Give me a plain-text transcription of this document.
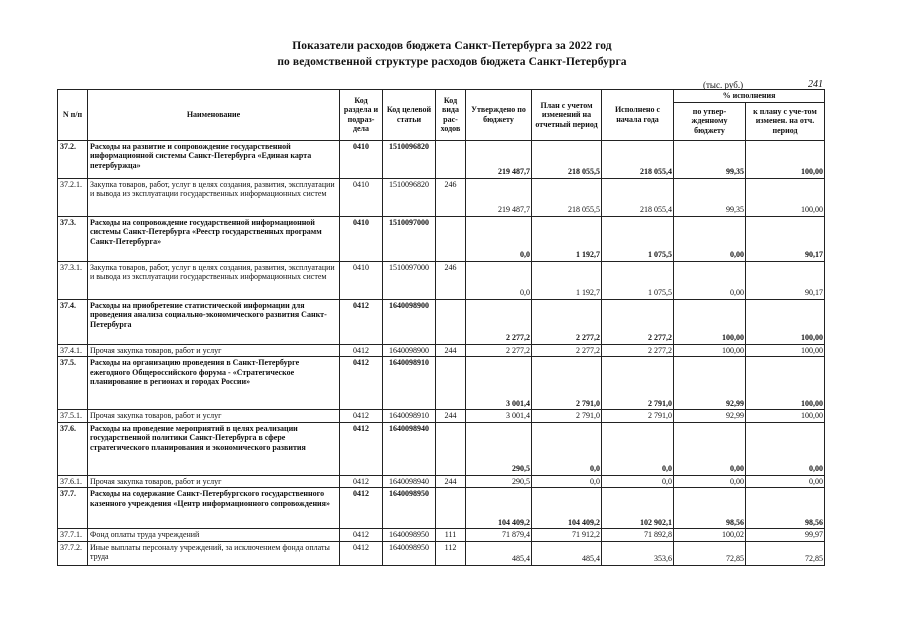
Показатели расходов бюджета Санкт-Петербурга за 2022 год
по ведомственной структуре расходов бюджета Санкт-Петербурга
(тыс. руб.)	241
N п/п	Наименование	Код раздела и подраз-дела	Код целевой статьи	Код вида рас-ходов	Утверждено по бюджету	План с учетом изменений на отчетный период	Исполнено с начала года	% исполнения	
								по утвер-жденному бюджету	к плану с уче-том изменен. на отч. период
37.2.	Расходы на развитие и сопровождение государственной информационной системы Санкт-Петербурга «Единая карта петербуржца»	0410	1510096820		219 487,7	218 055,5	218 055,4	99,35	100,00
37.2.1.	Закупка товаров, работ, услуг в целях создания, развития, эксплуатации и вывода из эксплуатации государственных информационных систем	0410	1510096820	246	219 487,7	218 055,5	218 055,4	99,35	100,00
37.3.	Расходы на сопровождение государственной информационной системы Санкт-Петербурга «Реестр государственных программ Санкт-Петербурга»	0410	1510097000		0,0	1 192,7	1 075,5	0,00	90,17
37.3.1.	Закупка товаров, работ, услуг в целях создания, развития, эксплуатации и вывода из эксплуатации государственных информационных систем	0410	1510097000	246	0,0	1 192,7	1 075,5	0,00	90,17
37.4.	Расходы на приобретение статистической информации для проведения анализа социально-экономического развития Санкт-Петербурга	0412	1640098900		2 277,2	2 277,2	2 277,2	100,00	100,00
37.4.1.	Прочая закупка товаров, работ и услуг	0412	1640098900	244	2 277,2	2 277,2	2 277,2	100,00	100,00
37.5.	Расходы на организацию проведения в Санкт-Петербурге ежегодного Общероссийского форума - «Стратегическое планирование в регионах и городах России»	0412	1640098910		3 001,4	2 791,0	2 791,0	92,99	100,00
37.5.1.	Прочая закупка товаров, работ и услуг	0412	1640098910	244	3 001,4	2 791,0	2 791,0	92,99	100,00
37.6.	Расходы на проведение мероприятий в целях реализации государственной политики Санкт-Петербурга в сфере стратегического планирования и экономического развития	0412	1640098940		290,5	0,0	0,0	0,00	0,00
37.6.1.	Прочая закупка товаров, работ и услуг	0412	1640098940	244	290,5	0,0	0,0	0,00	0,00
37.7.	Расходы на содержание Санкт-Петербургского государственного казенного учреждения «Центр информационного сопровождения»	0412	1640098950		104 409,2	104 409,2	102 902,1	98,56	98,56
37.7.1.	Фонд оплаты труда учреждений	0412	1640098950	111	71 879,4	71 912,2	71 892,8	100,02	99,97
37.7.2.	Иные выплаты персоналу учреждений, за исключением фонда оплаты труда	0412	1640098950	112	485,4	485,4	353,6	72,85	72,85
